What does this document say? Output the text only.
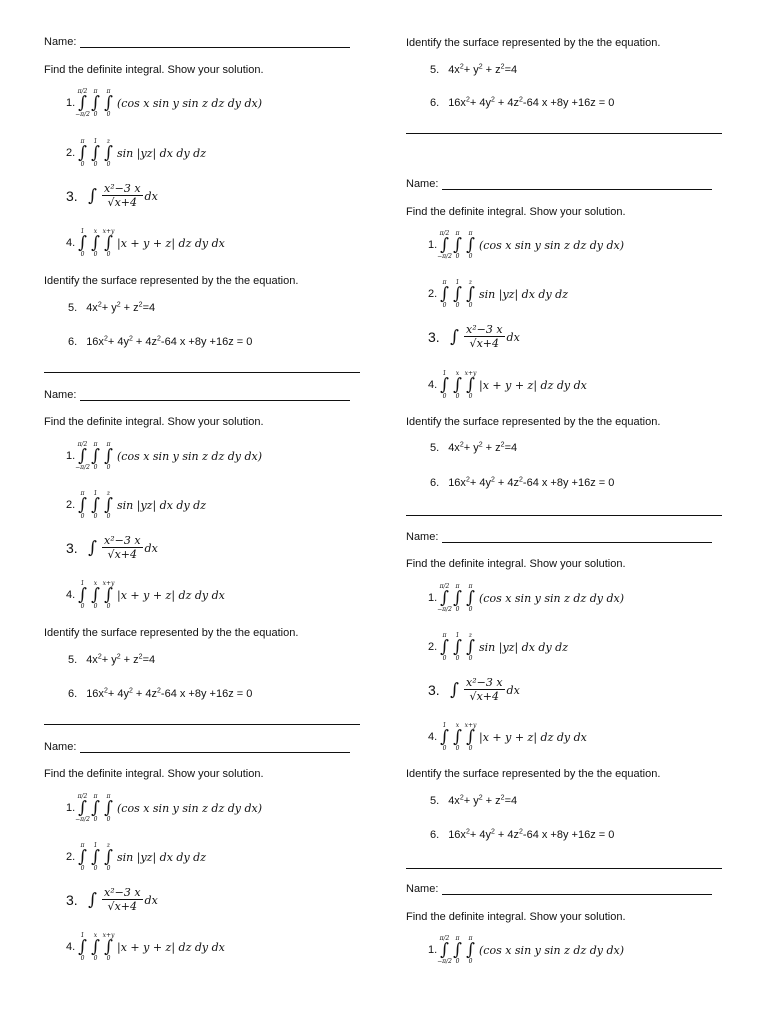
Name:
Find the definite integral. Show your solution.
1.
π/2
∫
−π/2
π
∫
0
π
∫
0
(cos x sin y sin z dz dy dx)
2.
π
∫
0
1
∫
0
z
∫
0
sin |yz| dx dy dz
3. ∫ $\frac{\text{x²−3 x}}{√x+4}$ dx
4.
1
∫
0
x
∫
0
x+y
∫
0
|x + y + z| dz dy dx
Identify the surface represented by the the equation.
5. $4x^2+ y^2 + z^2=4$
6. $16x^2+ 4y^2 + 4z^2-64$ x +8y +16z = 0
Name:
Find the definite integral. Show your solution.
1.
π/2
∫
−π/2
π
∫
0
π
∫
0
(cos x sin y sin z dz dy dx)
2.
π
∫
0
1
∫
0
z
∫
0
sin |yz| dx dy dz
3. ∫ $\frac{\text{x²−3 x}}{√x+4}$ dx
4.
1
∫
0
x
∫
0
x+y
∫
0
|x + y + z| dz dy dx
Identify the surface represented by the the equation.
5. $4x^2+ y^2 + z^2=4$
6. $16x^2+ 4y^2 + 4z^2-64$ x +8y +16z = 0
Name:
Find the definite integral. Show your solution.
1.
π/2
∫
−π/2
π
∫
0
π
∫
0
(cos x sin y sin z dz dy dx)
2.
π
∫
0
1
∫
0
z
∫
0
sin |yz| dx dy dz
3. ∫ $\frac{\text{x²−3 x}}{√x+4}$ dx
4.
1
∫
0
x
∫
0
x+y
∫
0
|x + y + z| dz dy dx
Identify the surface represented by the the equation.
5. $4x^2+ y^2 + z^2=4$
6. $16x^2+ 4y^2 + 4z^2-64$ x +8y +16z = 0
Name:
Find the definite integral. Show your solution.
1.
π/2
∫
−π/2
π
∫
0
π
∫
0
(cos x sin y sin z dz dy dx)
2.
π
∫
0
1
∫
0
z
∫
0
sin |yz| dx dy dz
3. ∫ $\frac{\text{x²−3 x}}{√x+4}$ dx
4.
1
∫
0
x
∫
0
x+y
∫
0
|x + y + z| dz dy dx
Identify the surface represented by the the equation.
5. $4x^2+ y^2 + z^2=4$
6. $16x^2+ 4y^2 + 4z^2-64$ x +8y +16z = 0
Name:
Find the definite integral. Show your solution.
1.
π/2
∫
−π/2
π
∫
0
π
∫
0
(cos x sin y sin z dz dy dx)
2.
π
∫
0
1
∫
0
z
∫
0
sin |yz| dx dy dz
3. ∫ $\frac{\text{x²−3 x}}{√x+4}$ dx
4.
1
∫
0
x
∫
0
x+y
∫
0
|x + y + z| dz dy dx
Identify the surface represented by the the equation.
5. $4x^2+ y^2 + z^2=4$
6. $16x^2+ 4y^2 + 4z^2-64$ x +8y +16z = 0
Name:
Find the definite integral. Show your solution.
1.
π/2
∫
−π/2
π
∫
0
π
∫
0
(cos x sin y sin z dz dy dx)
